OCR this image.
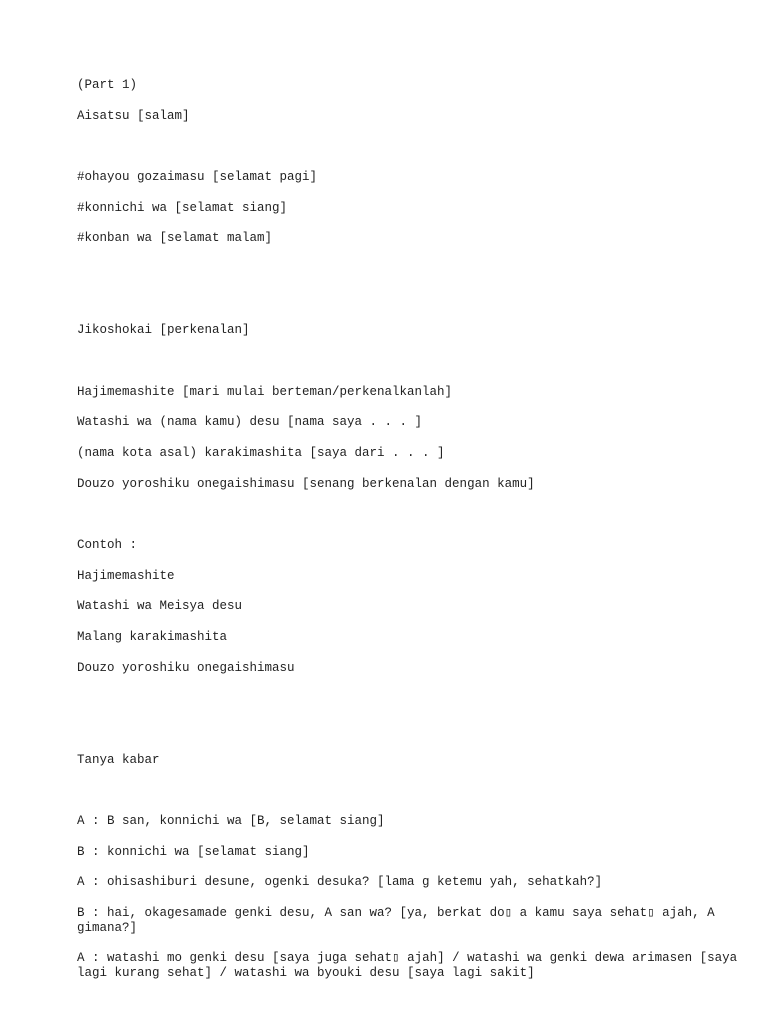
(Part 1)

Aisatsu [salam]

#ohayou gozaimasu [selamat pagi]

#konnichi wa [selamat siang]

#konban wa [selamat malam]

Jikoshokai [perkenalan]

Hajimemashite [mari mulai berteman/perkenalkanlah]

Watashi wa (nama kamu) desu [nama saya . . . ]

(nama kota asal) karakimashita [saya dari . . . ]

Douzo yoroshiku onegaishimasu [senang berkenalan dengan kamu]

Contoh :

Hajimemashite

Watashi wa Meisya desu

Malang karakimashita

Douzo yoroshiku onegaishimasu

Tanya kabar

A : B san, konnichi wa [B, selamat siang]

B : konnichi wa [selamat siang]

A : ohisashiburi desune, ogenki desuka? [lama g ketemu yah, sehatkah?]

B : hai, okagesamade genki desu, A san wa? [ya, berkat do▯ a kamu saya sehat▯ ajah, A gimana?]

A : watashi mo genki desu [saya juga sehat▯ ajah] / watashi wa genki dewa arimasen [saya lagi kurang sehat] / watashi wa byouki desu [saya lagi sakit]
